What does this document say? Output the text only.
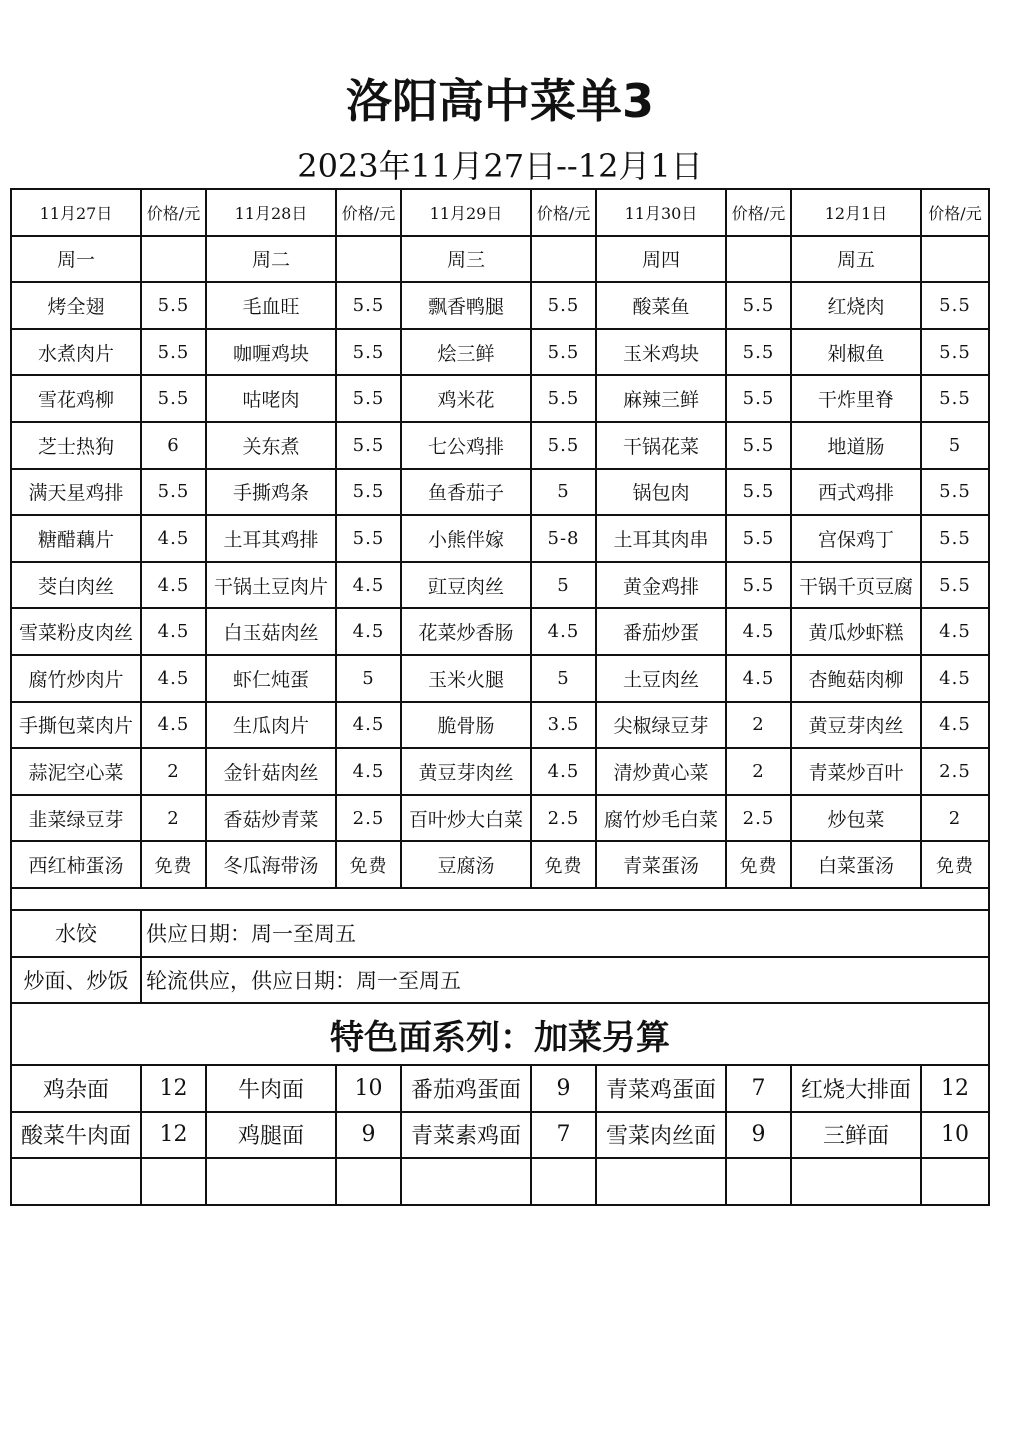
洛阳高中菜单3
2023年11月27日--12月1日
11月27日	价格/元	11月28日	价格/元	11月29日	价格/元	11月30日	价格/元	12月1日	价格/元
周一		周二		周三		周四		周五	
烤全翅	5.5	毛血旺	5.5	飘香鸭腿	5.5	酸菜鱼	5.5	红烧肉	5.5
水煮肉片	5.5	咖喱鸡块	5.5	烩三鲜	5.5	玉米鸡块	5.5	剁椒鱼	5.5
雪花鸡柳	5.5	咕咾肉	5.5	鸡米花	5.5	麻辣三鲜	5.5	干炸里脊	5.5
芝士热狗	6	关东煮	5.5	七公鸡排	5.5	干锅花菜	5.5	地道肠	5
满天星鸡排	5.5	手撕鸡条	5.5	鱼香茄子	5	锅包肉	5.5	西式鸡排	5.5
糖醋藕片	4.5	土耳其鸡排	5.5	小熊伴嫁	5-8	土耳其肉串	5.5	宫保鸡丁	5.5
茭白肉丝	4.5	干锅土豆肉片	4.5	豇豆肉丝	5	黄金鸡排	5.5	干锅千页豆腐	5.5
雪菜粉皮肉丝	4.5	白玉菇肉丝	4.5	花菜炒香肠	4.5	番茄炒蛋	4.5	黄瓜炒虾糕	4.5
腐竹炒肉片	4.5	虾仁炖蛋	5	玉米火腿	5	土豆肉丝	4.5	杏鲍菇肉柳	4.5
手撕包菜肉片	4.5	生瓜肉片	4.5	脆骨肠	3.5	尖椒绿豆芽	2	黄豆芽肉丝	4.5
蒜泥空心菜	2	金针菇肉丝	4.5	黄豆芽肉丝	4.5	清炒黄心菜	2	青菜炒百叶	2.5
韭菜绿豆芽	2	香菇炒青菜	2.5	百叶炒大白菜	2.5	腐竹炒毛白菜	2.5	炒包菜	2
西红柿蛋汤	免费	冬瓜海带汤	免费	豆腐汤	免费	青菜蛋汤	免费	白菜蛋汤	免费

水饺	供应日期：周一至周五								
炒面、炒饭	轮流供应，供应日期：周一至周五								
特色面系列：加菜另算									
鸡杂面	12	牛肉面	10	番茄鸡蛋面	9	青菜鸡蛋面	7	红烧大排面	12
酸菜牛肉面	12	鸡腿面	9	青菜素鸡面	7	雪菜肉丝面	9	三鲜面	10
